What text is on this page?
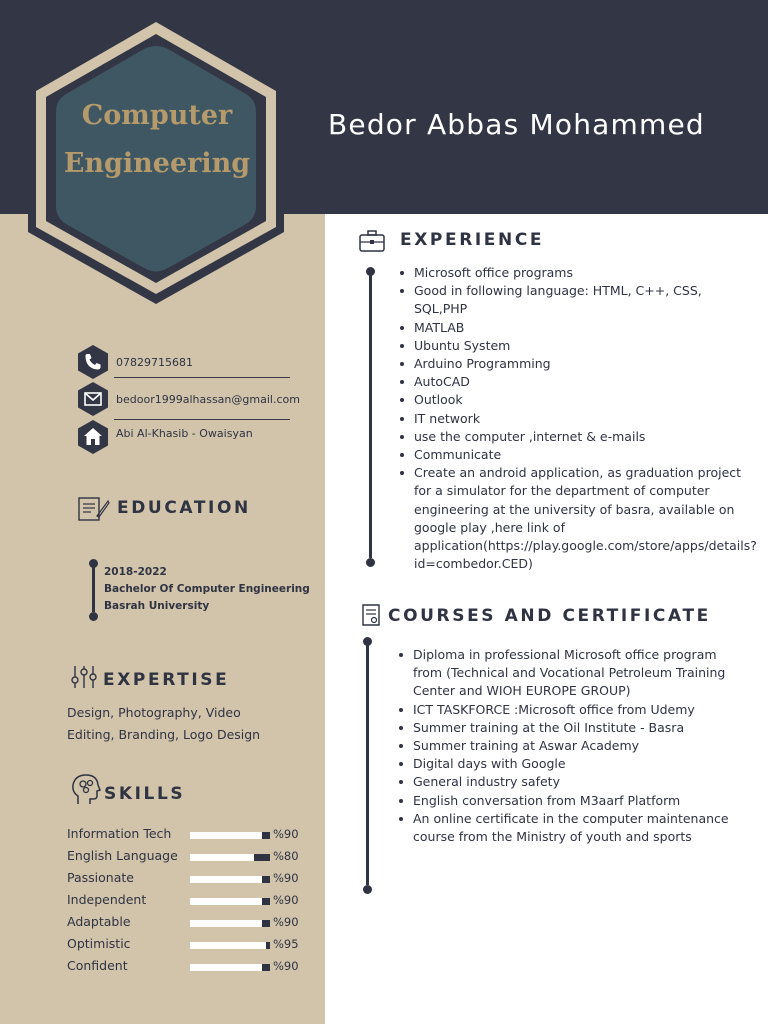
Computer
Engineering
Bedor Abbas Mohammed
07829715681
bedoor1999alhassan@gmail.com
Abi Al-Khasib - Owaisyan
EDUCATION
2018-2022
Bachelor Of Computer Engineering
Basrah University
EXPERTISE
Design, Photography, Video
Editing, Branding, Logo Design
SKILLS
Information Tech	%90
English Language	%80
Passionate	%90
Independent	%90
Adaptable	%90
Optimistic	%95
Confident	%90
EXPERIENCE
Microsoft office programs
Good in following language: HTML, C++, CSS, SQL,PHP
MATLAB
Ubuntu System
Arduino Programming
AutoCAD
Outlook
IT network
use the computer ,internet & e-mails
Communicate
Create an android application, as graduation project for a simulator for the department of computer engineering at the university of basra, available on google play ,here link of application(https://play.google.com/store/apps/details?id=combedor.CED)
COURSES AND CERTIFICATE
Diploma in professional Microsoft office program from (Technical and Vocational Petroleum Training Center and WIOH EUROPE GROUP)
ICT TASKFORCE :Microsoft office from Udemy
Summer training at the Oil Institute - Basra
Summer training at Aswar Academy
Digital days with Google
General industry safety
English conversation from M3aarf Platform
An online certificate in the computer maintenance course from the Ministry of youth and sports
